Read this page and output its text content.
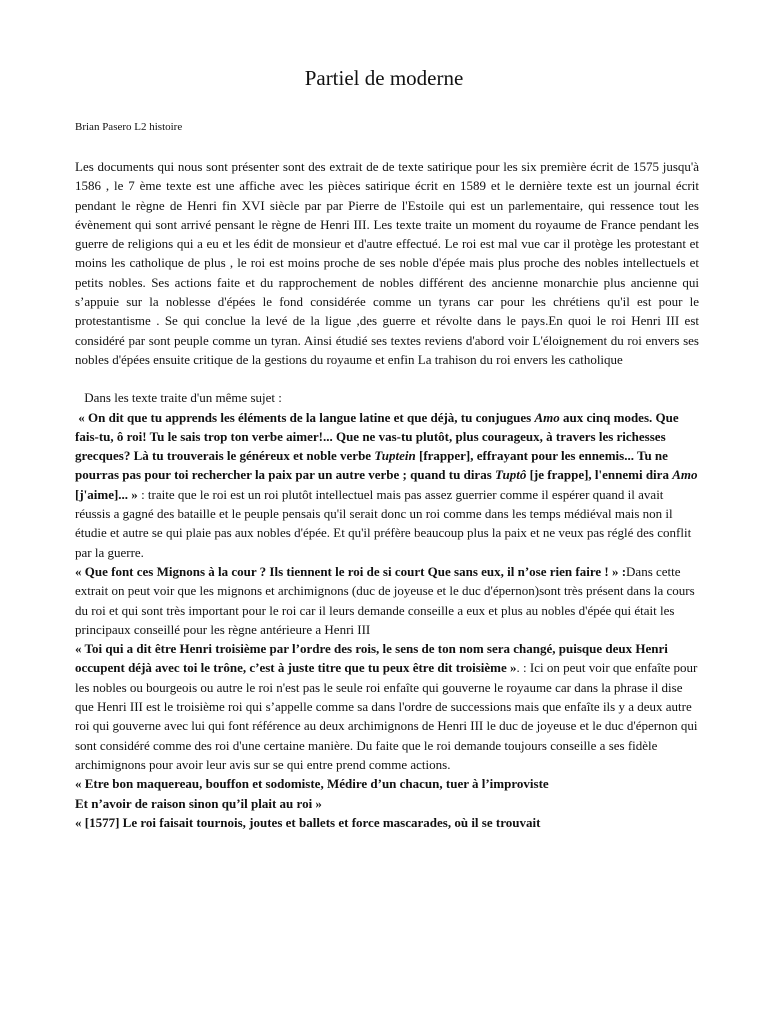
Partiel de moderne

Brian Pasero L2 histoire

Les documents qui nous sont présenter sont des extrait de de texte satirique pour les six première écrit de 1575 jusqu'à 1586 , le 7 ème texte est une affiche avec les pièces satirique écrit en 1589 et le dernière texte est un journal écrit pendant le règne de Henri fin XVI siècle par par Pierre de l'Estoile qui est un parlementaire, qui ressence tout les évènement qui sont arrivé pensant le règne de Henri III. Les texte traite un moment du royaume de France pendant les guerre de religions qui a eu et les édit de monsieur et d'autre effectué. Le roi est mal vue car il protège les protestant et moins les catholique de plus , le roi est moins proche de ses noble d'épée mais plus proche des nobles intellectuels et petits nobles. Ses actions faite et du rapprochement de nobles différent des ancienne monarchie plus ancienne qui s’appuie sur la noblesse d'épées le fond considérée comme un tyrans car pour les chrétiens qu'il est pour le protestantisme . Se qui conclue la levé de la ligue ,des guerre et révolte dans le pays.En quoi le roi Henri III est considéré par sont peuple comme un tyran. Ainsi étudié ses textes reviens d'abord voir L'éloignement du roi envers ses nobles d'épées ensuite critique de la gestions du royaume et enfin La trahison du roi envers les catholique

Dans les texte traite d'un même sujet :

« On dit que tu apprends les éléments de la langue latine et que déjà, tu conjugues Amo aux cinq modes. Que fais-tu, ô roi! Tu le sais trop ton verbe aimer!... Que ne vas-tu plutôt, plus courageux, à travers les richesses grecques? Là tu trouverais le généreux et noble verbe Tuptein [frapper], effrayant pour les ennemis... Tu ne pourras pas pour toi rechercher la paix par un autre verbe ; quand tu diras Tuptô [je frappe], l'ennemi dira Amo [j'aime]... » : traite que le roi est un roi plutôt intellectuel mais pas assez guerrier comme il espérer quand il avait réussis a gagné des bataille et le peuple pensais qu'il serait donc un roi comme dans les temps médiéval mais non il étudie et autre se qui plaie pas aux nobles d'épée. Et qu'il préfère beaucoup plus la paix et ne veux pas réglé des conflit par la guerre.

« Que font ces Mignons à la cour ? Ils tiennent le roi de si court Que sans eux, il n’ose rien faire ! » :Dans cette extrait on peut voir que les mignons et archimignons (duc de joyeuse et le duc d'épernon)sont très présent dans la cours du roi et qui sont très important pour le roi car il leurs demande conseille a eux et plus au nobles d'épée qui était les principaux conseillé pour les règne antérieure a Henri III

« Toi qui a dit être Henri troisième par l’ordre des rois, le sens de ton nom sera changé, puisque deux Henri occupent déjà avec toi le trône, c’est à juste titre que tu peux être dit troisième ». : Ici on peut voir que enfaîte pour les nobles ou bourgeois ou autre le roi n'est pas le seule roi enfaîte qui gouverne le royaume car dans la phrase il dise que Henri III est le troisième roi qui s’appelle comme sa dans l'ordre de successions mais que enfaîte ils y a deux autre roi qui gouverne avec lui qui font référence au deux archimignons de Henri III le duc de joyeuse et le duc d'épernon qui sont considéré comme des roi d'une certaine manière. Du faite que le roi demande toujours conseille a ses fidèle archimignons pour avoir leur avis sur se qui entre prend comme actions.

« Etre bon maquereau, bouffon et sodomiste, Médire d’un chacun, tuer à l’improviste
Et n’avoir de raison sinon qu’il plait au roi »

« [1577] Le roi faisait tournois, joutes et ballets et force mascarades, où il se trouvait
